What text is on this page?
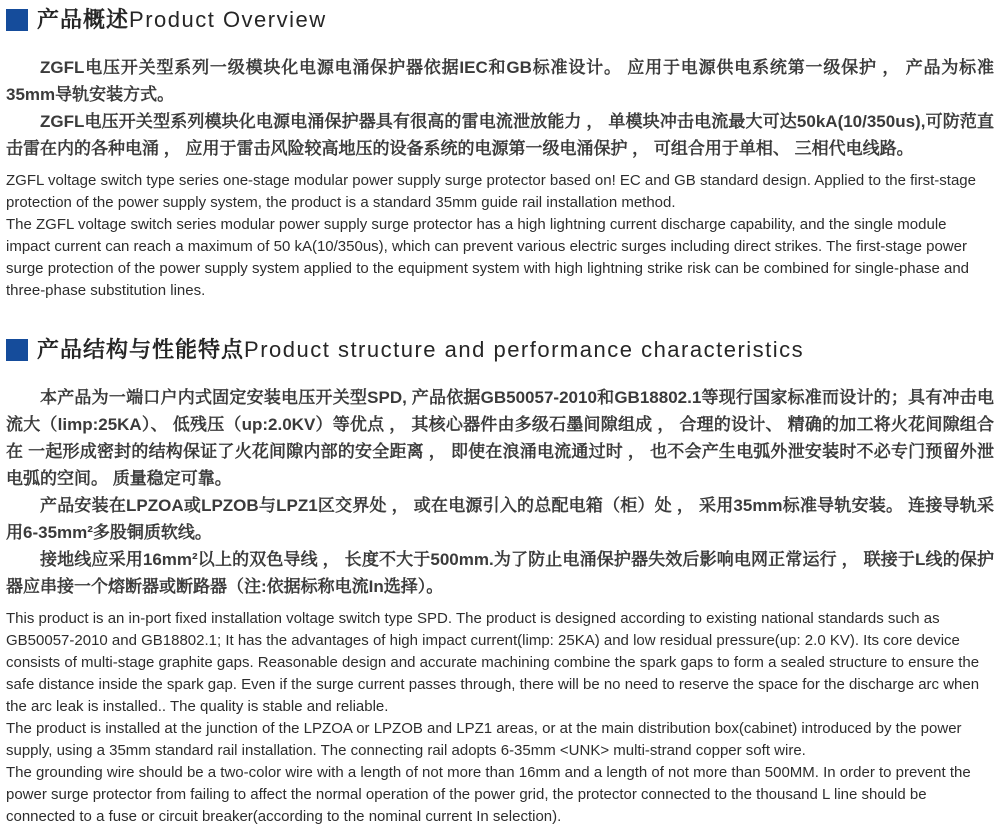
产品概述 Product Overview

ZGFL电压开关型系列一级模块化电源电涌保护器依据IEC和GB标准设计。 应用于电源供电系统第一级保护 ， 产品为标准35mm导轨安装方式。

ZGFL电压开关型系列模块化电源电涌保护器具有很高的雷电流泄放能力 ， 单模块冲击电流最大可达50kA(10/350us),可防范直击雷在内的各种电涌 ， 应用于雷击风险较高地压的设备系统的电源第一级电涌保护 ， 可组合用于单相、 三相代电线路。

ZGFL voltage switch type series one-stage modular power supply surge protector based on! EC and GB standard design. Applied to the first-stage protection of the power supply system, the product is a standard 35mm guide rail installation method.

The ZGFL voltage switch series modular power supply surge protector has a high lightning current discharge capability, and the single module impact current can reach a maximum of 50 kA(10/350us), which can prevent various electric surges including direct strikes. The first-stage power surge protection of the power supply system applied to the equipment system with high lightning strike risk can be combined for single-phase and three-phase substitution lines.

产品结构与性能特点 Product structure and performance characteristics

本产品为一端口户内式固定安装电压开关型SPD, 产品依据GB50057-2010和GB18802.1等现行国家标准而设计的；具有冲击电流大（limp:25KA）、 低残压（up:2.0KV）等优点 ， 其核心器件由多级石墨间隙组成 ， 合理的设计、 精确的加工将火花间隙组合在 一起形成密封的结构保证了火花间隙内部的安全距离 ， 即使在浪涌电流通过时 ， 也不会产生电弧外泄安装时不必专门预留外泄电弧的空间。 质量稳定可靠。

产品安装在LPZOA或LPZOB与LPZ1区交界处 ， 或在电源引入的总配电箱（柜）处 ， 采用35mm标准导轨安装。 连接导轨采用6-35mm²多股铜质软线。

接地线应采用16mm²以上的双色导线 ， 长度不大于500mm.为了防止电涌保护器失效后影响电网正常运行 ， 联接于L线的保护器应串接一个熔断器或断路器（注:依据标称电流In选择）。

This product is an in-port fixed installation voltage switch type SPD. The product is designed according to existing national standards such as GB50057-2010 and GB18802.1; It has the advantages of high impact current(limp: 25KA) and low residual pressure(up: 2.0 KV). Its core device consists of multi-stage graphite gaps. Reasonable design and accurate machining combine the spark gaps to form a sealed structure to ensure the safe distance inside the spark gap. Even if the surge current passes through, there will be no need to reserve the space for the discharge arc when the arc leak is installed.. The quality is stable and reliable.

The product is installed at the junction of the LPZOA or LPZOB and LPZ1 areas, or at the main distribution box(cabinet) introduced by the power supply, using a 35mm standard rail installation. The connecting rail adopts 6-35mm <UNK> multi-strand copper soft wire.

The grounding wire should be a two-color wire with a length of not more than 16mm and a length of not more than 500MM. In order to prevent the power surge protector from failing to affect the normal operation of the power grid, the protector connected to the thousand L line should be connected to a fuse or circuit breaker(according to the nominal current In selection).
